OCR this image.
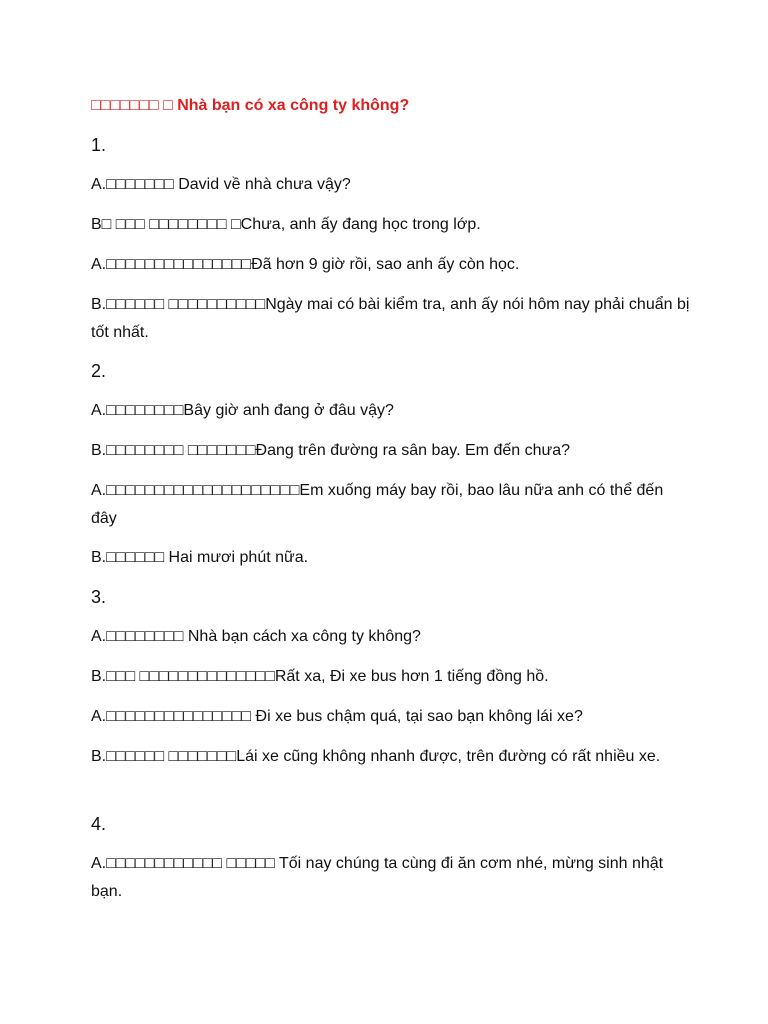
□□□□□□□ □ Nhà bạn có xa công ty không?
1.
A.□□□□□□□ David về nhà chưa vậy?
B□ □□□ □□□□□□□□ □Chưa, anh ấy đang học trong lớp.
A.□□□□□□□□□□□□□□□Đã hơn 9 giờ rồi, sao anh ấy còn học.
B.□□□□□□ □□□□□□□□□□Ngày mai có bài kiểm tra, anh ấy nói hôm nay phải chuẩn bị tốt nhất.
2.
A.□□□□□□□□Bây giờ anh đang ở đâu vậy?
B.□□□□□□□□ □□□□□□□Đang trên đường ra sân bay. Em đến chưa?
A.□□□□□□□□□□□□□□□□□□□□Em xuống máy bay rồi, bao lâu nữa anh có thể đến đây
B.□□□□□□ Hai mươi phút nữa.
3.
A.□□□□□□□□ Nhà bạn cách xa công ty không?
B.□□□ □□□□□□□□□□□□□□Rất xa, Đi xe bus hơn 1 tiếng đồng hồ.
A.□□□□□□□□□□□□□□□ Đi xe bus chậm quá, tại sao bạn không lái xe?
B.□□□□□□ □□□□□□□Lái xe cũng không nhanh được, trên đường có rất nhiều xe.
4.
A.□□□□□□□□□□□□ □□□□□ Tối nay chúng ta cùng đi ăn cơm nhé, mừng sinh nhật bạn.
